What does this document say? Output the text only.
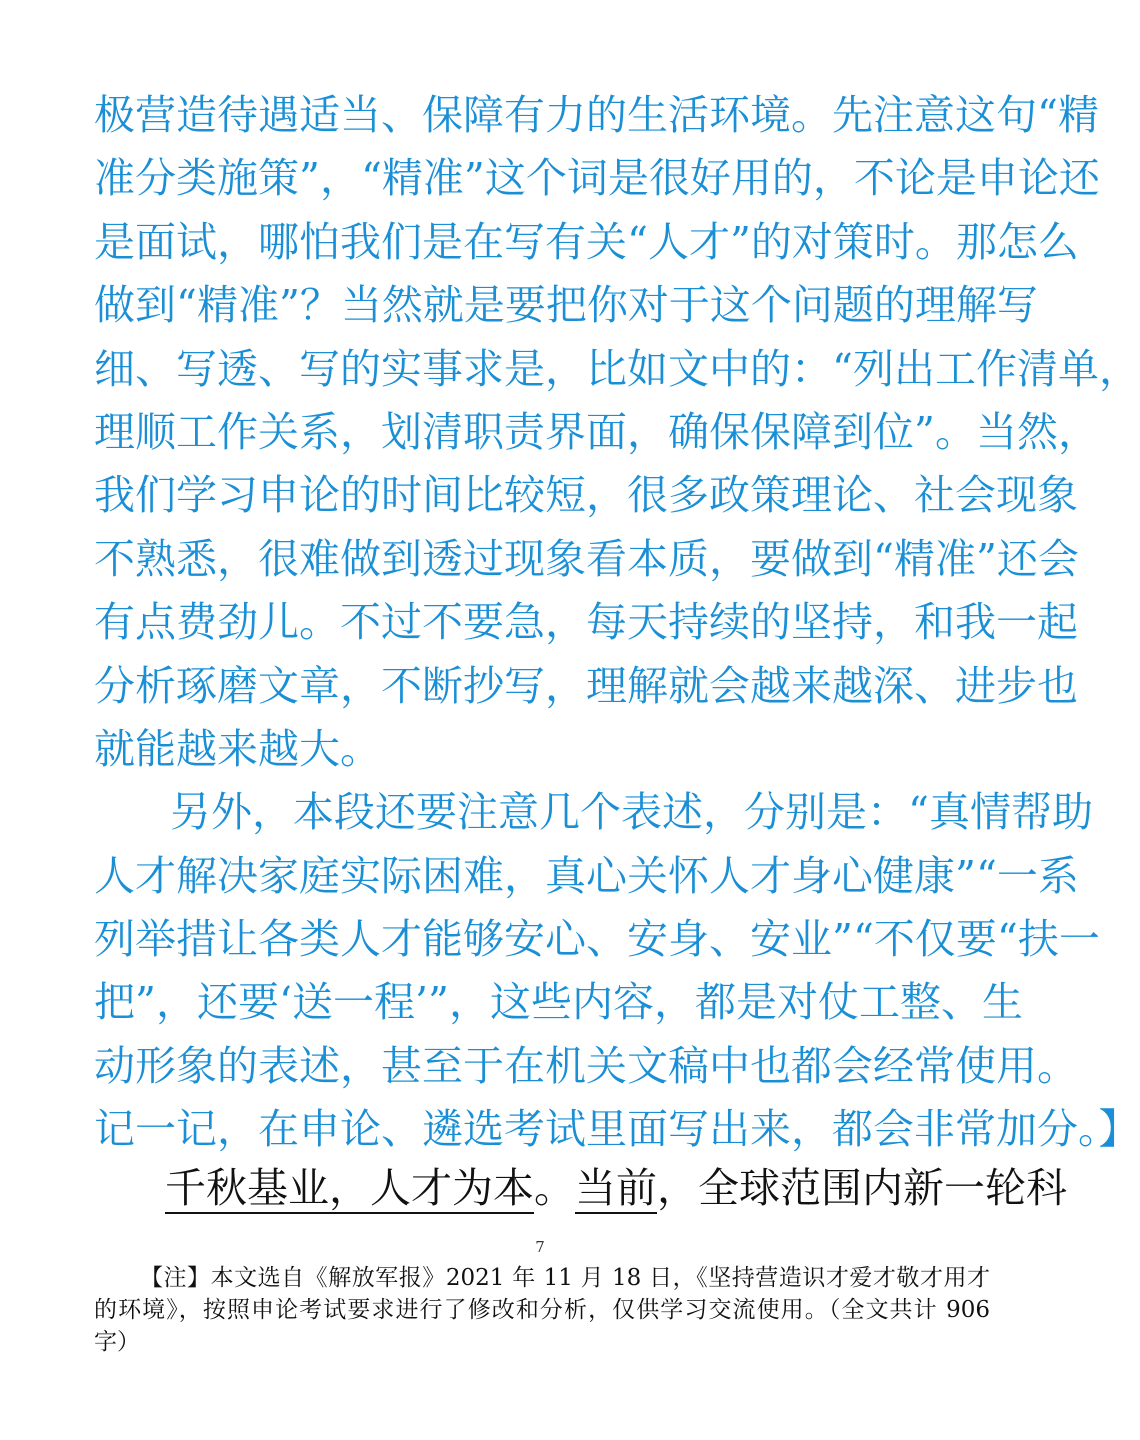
极营造待遇适当、保障有力的生活环境。先注意这句“精
准分类施策”，“精准”这个词是很好用的，不论是申论还
是面试，哪怕我们是在写有关“人才”的对策时。那怎么
做到“精准”？当然就是要把你对于这个问题的理解写
细、写透、写的实事求是，比如文中的：“列出工作清单，
理顺工作关系，划清职责界面，确保保障到位”。当然，
我们学习申论的时间比较短，很多政策理论、社会现象
不熟悉，很难做到透过现象看本质，要做到“精准”还会
有点费劲儿。不过不要急，每天持续的坚持，和我一起
分析琢磨文章，不断抄写，理解就会越来越深、进步也
就能越来越大。
另外，本段还要注意几个表述，分别是：“真情帮助
人才解决家庭实际困难，真心关怀人才身心健康”“一系
列举措让各类人才能够安心、安身、安业”“不仅要“扶一
把”，还要‘送一程’”，这些内容，都是对仗工整、生
动形象的表述，甚至于在机关文稿中也都会经常使用。
记一记，在申论、遴选考试里面写出来，都会非常加分。】
千秋基业，人才为本。当前，全球范围内新一轮科
7
【注】本文选自《解放军报》2021 年 11 月 18 日，《坚持营造识才爱才敬才用才
的环境》，按照申论考试要求进行了修改和分析，仅供学习交流使用。（全文共计 906
字）
